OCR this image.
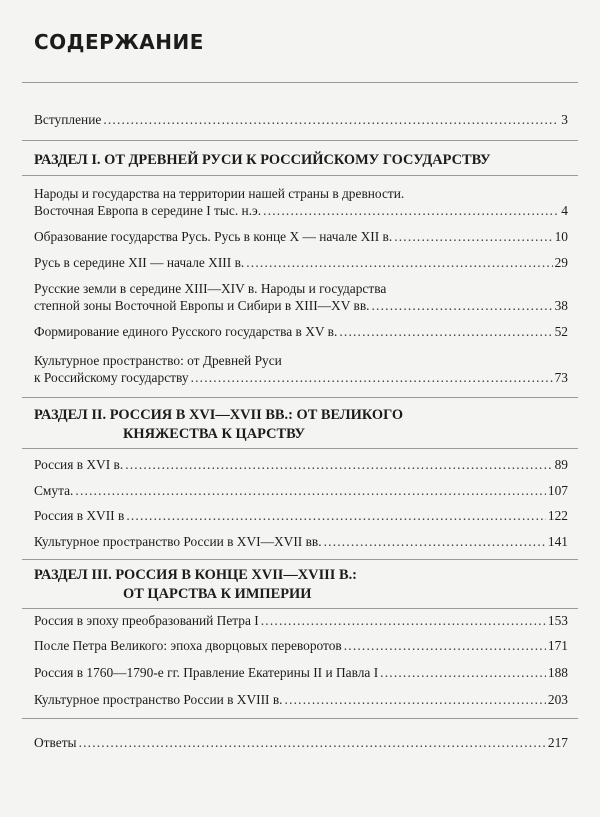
СОДЕРЖАНИЕ
Вступление .....	3
РАЗДЕЛ I. ОТ ДРЕВНЕЙ РУСИ К РОССИЙСКОМУ ГОСУДАРСТВУ
Народы и государства на территории нашей страны в древности.
Восточная Европа в середине I тыс. н.э. .....	4
Образование государства Русь. Русь в конце X — начале XII в. .....	10
Русь в середине XII — начале XIII в. .....	29
Русские земли в середине XIII—XIV в. Народы и государства
степной зоны Восточной Европы и Сибири в XIII—XV вв. .....	38
Формирование единого Русского государства в XV в. .....	52
Культурное пространство: от Древней Руси
к Российскому государству .....	73
РАЗДЕЛ II. РОССИЯ В XVI—XVII ВВ.: ОТ ВЕЛИКОГО
КНЯЖЕСТВА К ЦАРСТВУ
Россия в XVI в. .....	89
Смута. .....	107
Россия в XVII в .....	122
Культурное пространство России в XVI—XVII вв. .....	141
РАЗДЕЛ III. РОССИЯ В КОНЦЕ XVII—XVIII В.:
ОТ ЦАРСТВА К ИМПЕРИИ
Россия в эпоху преобразований Петра I .....	153
После Петра Великого: эпоха дворцовых переворотов .....	171
Россия в 1760—1790-е гг. Правление Екатерины II и Павла I .....	188
Культурное пространство России в XVIII в. .....	203
Ответы .....	217
